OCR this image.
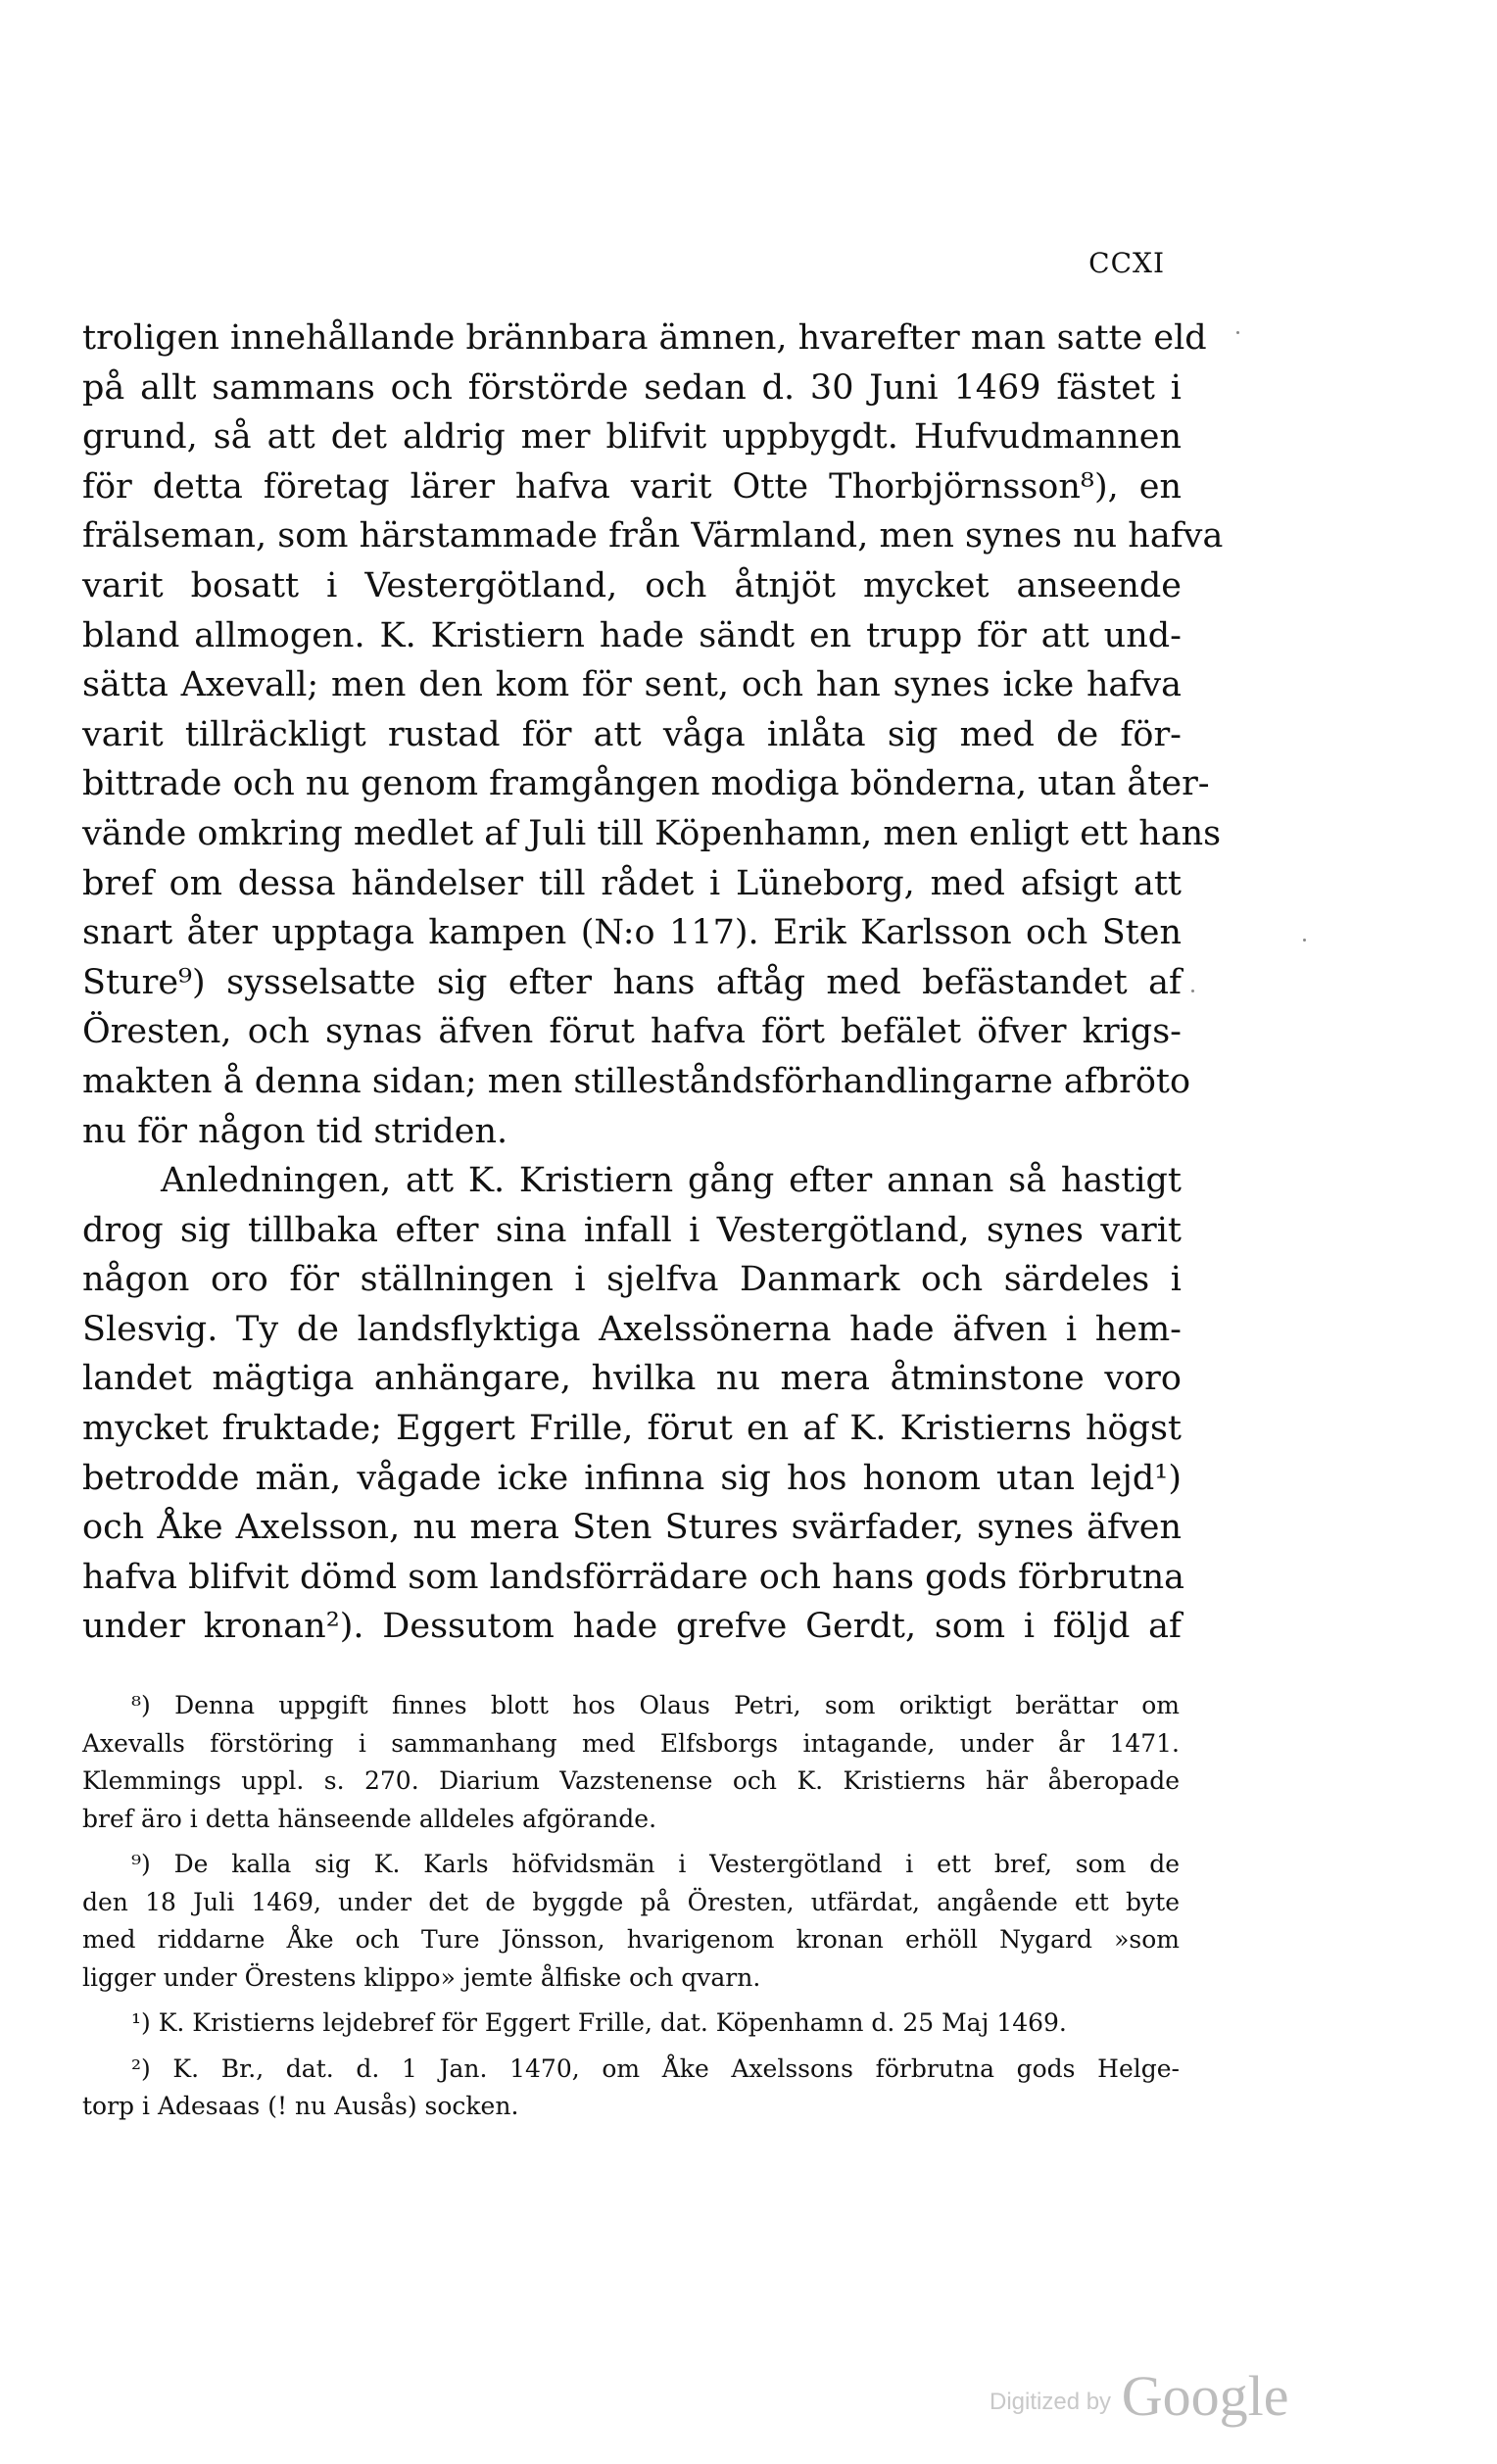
CCXI
troligen innehållande brännbara ämnen, hvarefter man satte eld
på allt sammans och förstörde sedan d. 30 Juni 1469 fästet i
grund, så att det aldrig mer blifvit uppbygdt. Hufvudmannen
för detta företag lärer hafva varit Otte Thorbjörnsson⁸), en
frälseman, som härstammade från Värmland, men synes nu hafva
varit bosatt i Vestergötland, och åtnjöt mycket anseende
bland allmogen. K. Kristiern hade sändt en trupp för att und-
sätta Axevall; men den kom för sent, och han synes icke hafva
varit tillräckligt rustad för att våga inlåta sig med de för-
bittrade och nu genom framgången modiga bönderna, utan åter-
vände omkring medlet af Juli till Köpenhamn, men enligt ett hans
bref om dessa händelser till rådet i Lüneborg, med afsigt att
snart åter upptaga kampen (N:o 117). Erik Karlsson och Sten
Sture⁹) sysselsatte sig efter hans aftåg med befästandet af
Öresten, och synas äfven förut hafva fört befälet öfver krigs-
makten å denna sidan; men stilleståndsförhandlingarne afbröto
nu för någon tid striden.
Anledningen, att K. Kristiern gång efter annan så hastigt
drog sig tillbaka efter sina infall i Vestergötland, synes varit
någon oro för ställningen i sjelfva Danmark och särdeles i
Slesvig. Ty de landsflyktiga Axelssönerna hade äfven i hem-
landet mägtiga anhängare, hvilka nu mera åtminstone voro
mycket fruktade; Eggert Frille, förut en af K. Kristierns högst
betrodde män, vågade icke infinna sig hos honom utan lejd¹)
och Åke Axelsson, nu mera Sten Stures svärfader, synes äfven
hafva blifvit dömd som landsförrädare och hans gods förbrutna
under kronan²). Dessutom hade grefve Gerdt, som i följd af
⁸) Denna uppgift finnes blott hos Olaus Petri, som oriktigt berättar om
Axevalls förstöring i sammanhang med Elfsborgs intagande, under år 1471.
Klemmings uppl. s. 270. Diarium Vazstenense och K. Kristierns här åberopade
bref äro i detta hänseende alldeles afgörande.
⁹) De kalla sig K. Karls höfvidsmän i Vestergötland i ett bref, som de
den 18 Juli 1469, under det de byggde på Öresten, utfärdat, angående ett byte
med riddarne Åke och Ture Jönsson, hvarigenom kronan erhöll Nygard »som
ligger under Örestens klippo» jemte ålfiske och qvarn.
¹) K. Kristierns lejdebref för Eggert Frille, dat. Köpenhamn d. 25 Maj 1469.
²) K. Br., dat. d. 1 Jan. 1470, om Åke Axelssons förbrutna gods Helge-
torp i Adesaas (! nu Ausås) socken.
Digitized by Google
